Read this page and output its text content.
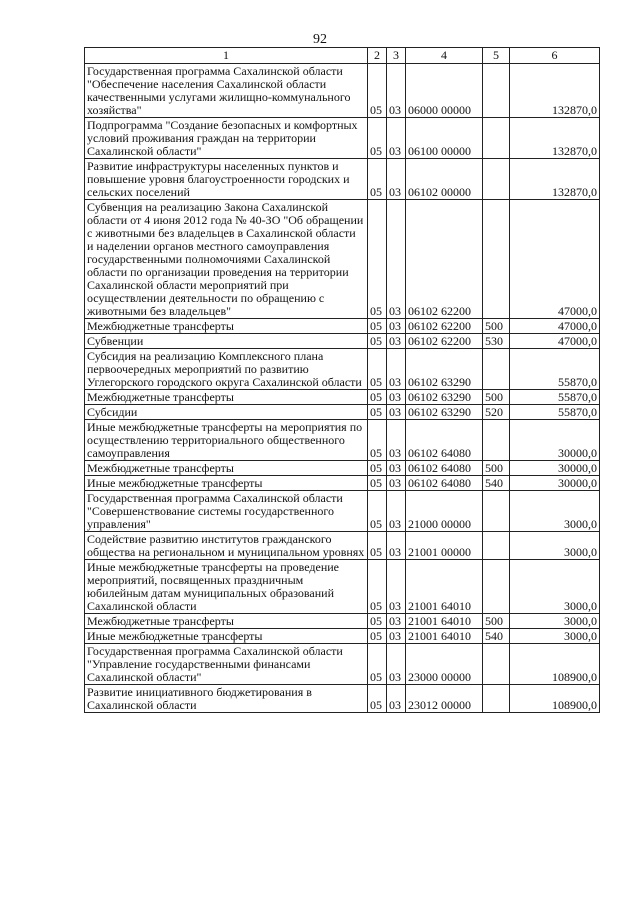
92
1	2	3	4	5	6
Государственная программа Сахалинской области "Обеспечение населения Сахалинской области качественными услугами жилищно-коммунального хозяйства"	05	03	06000 00000		132870,0
Подпрограмма "Создание безопасных и комфортных условий проживания граждан на территории Сахалинской области"	05	03	06100 00000		132870,0
Развитие инфраструктуры населенных пунктов и повышение уровня благоустроенности городских и сельских поселений	05	03	06102 00000		132870,0
Субвенция на реализацию Закона Сахалинской области от 4 июня 2012 года № 40-ЗО "Об обращении с животными без владельцев в Сахалинской области и наделении органов местного самоуправления государственными полномочиями Сахалинской области по организации проведения на территории Сахалинской области мероприятий при осуществлении деятельности по обращению с животными без владельцев"	05	03	06102 62200		47000,0
Межбюджетные трансферты	05	03	06102 62200	500	47000,0
Субвенции	05	03	06102 62200	530	47000,0
Субсидия на реализацию Комплексного плана первоочередных мероприятий по развитию Углегорского городского округа Сахалинской области	05	03	06102 63290		55870,0
Межбюджетные трансферты	05	03	06102 63290	500	55870,0
Субсидии	05	03	06102 63290	520	55870,0
Иные межбюджетные трансферты на мероприятия по осуществлению территориального общественного самоуправления	05	03	06102 64080		30000,0
Межбюджетные трансферты	05	03	06102 64080	500	30000,0
Иные межбюджетные трансферты	05	03	06102 64080	540	30000,0
Государственная программа Сахалинской области "Совершенствование системы государственного управления"	05	03	21000 00000		3000,0
Содействие развитию институтов гражданского общества на региональном и муниципальном уровнях	05	03	21001 00000		3000,0
Иные межбюджетные трансферты на проведение мероприятий, посвященных праздничным юбилейным датам муниципальных образований Сахалинской области	05	03	21001 64010		3000,0
Межбюджетные трансферты	05	03	21001 64010	500	3000,0
Иные межбюджетные трансферты	05	03	21001 64010	540	3000,0
Государственная программа Сахалинской области "Управление государственными финансами Сахалинской области"	05	03	23000 00000		108900,0
Развитие инициативного бюджетирования в Сахалинской области	05	03	23012 00000		108900,0
